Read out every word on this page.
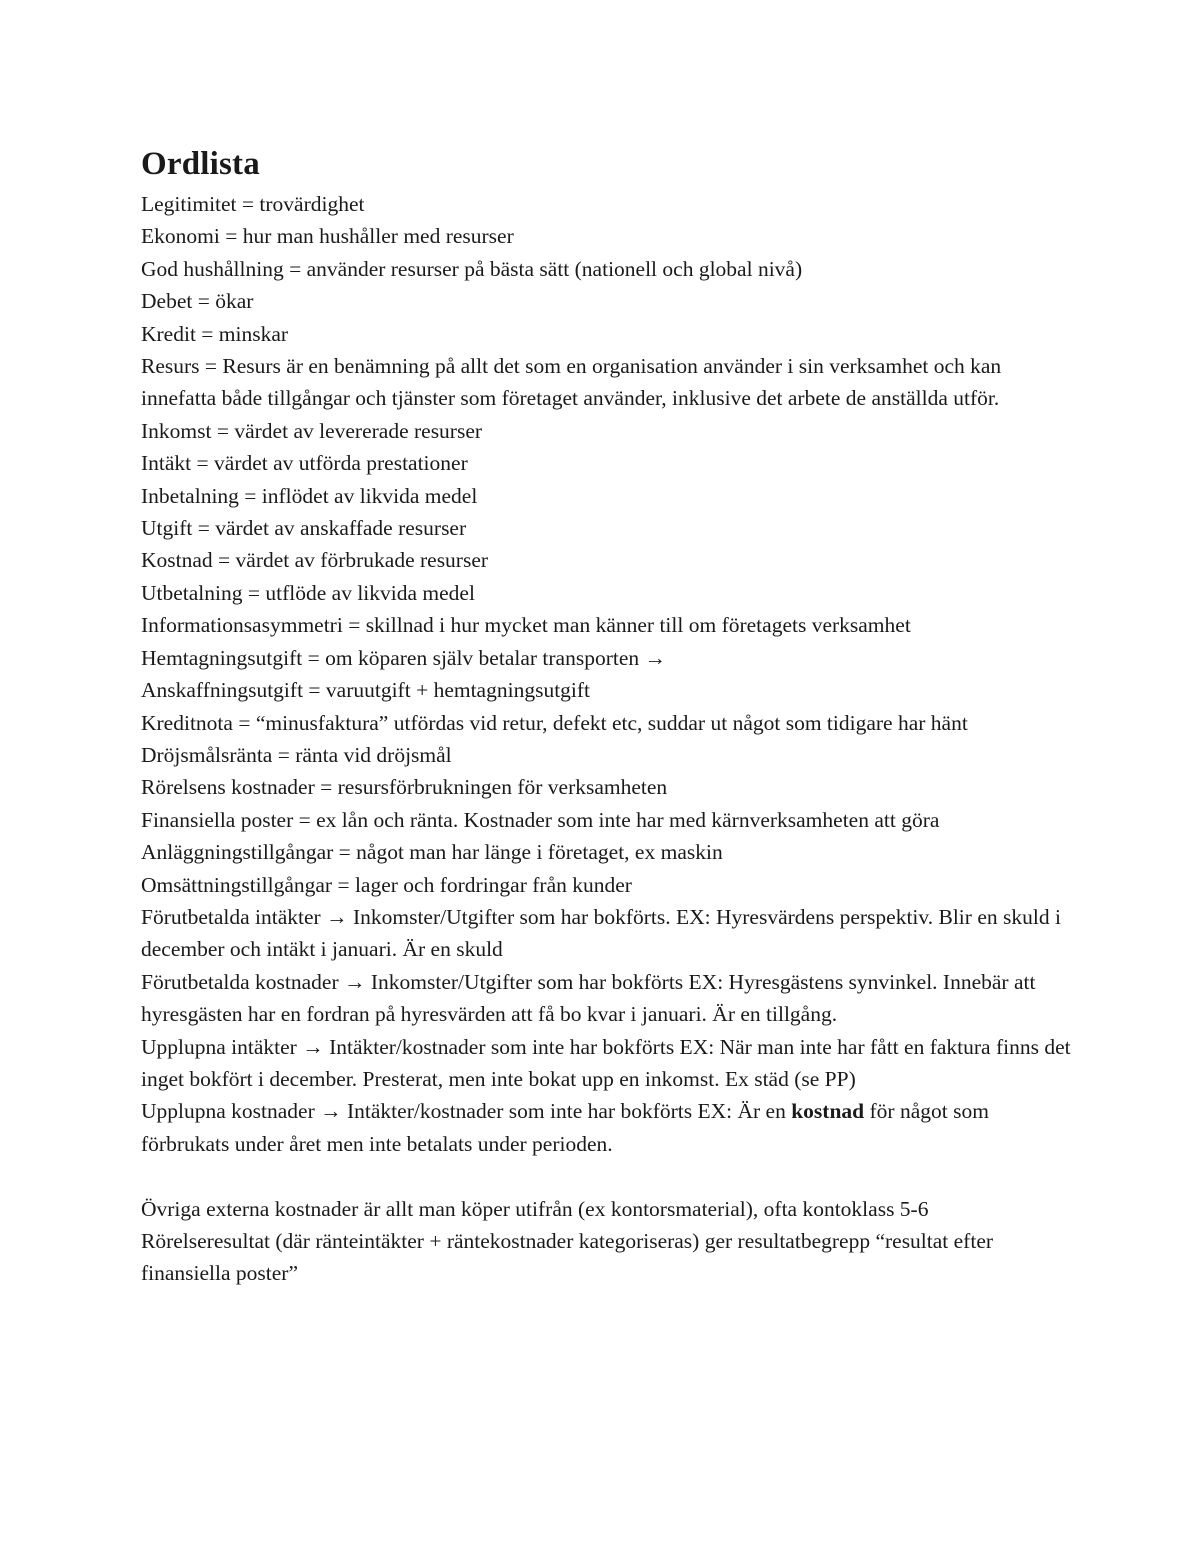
Ordlista

Legitimitet = trovärdighet

Ekonomi = hur man hushåller med resurser

God hushållning = använder resurser på bästa sätt (nationell och global nivå)

Debet = ökar

Kredit = minskar

Resurs = Resurs är en benämning på allt det som en organisation använder i sin verksamhet och kan innefatta både tillgångar och tjänster som företaget använder, inklusive det arbete de anställda utför.

Inkomst = värdet av levererade resurser

Intäkt = värdet av utförda prestationer

Inbetalning = inflödet av likvida medel

Utgift = värdet av anskaffade resurser

Kostnad = värdet av förbrukade resurser

Utbetalning = utflöde av likvida medel

Informationsasymmetri = skillnad i hur mycket man känner till om företagets verksamhet

Hemtagningsutgift = om köparen själv betalar transporten →

Anskaffningsutgift = varuutgift + hemtagningsutgift

Kreditnota = “minusfaktura” utfördas vid retur, defekt etc, suddar ut något som tidigare har hänt

Dröjsmålsränta = ränta vid dröjsmål

Rörelsens kostnader = resursförbrukningen för verksamheten

Finansiella poster = ex lån och ränta. Kostnader som inte har med kärnverksamheten att göra

Anläggningstillgångar = något man har länge i företaget, ex maskin

Omsättningstillgångar = lager och fordringar från kunder

Förutbetalda intäkter → Inkomster/Utgifter som har bokförts. EX: Hyresvärdens perspektiv. Blir en skuld i december och intäkt i januari. Är en skuld

Förutbetalda kostnader → Inkomster/Utgifter som har bokförts EX: Hyresgästens synvinkel. Innebär att hyresgästen har en fordran på hyresvärden att få bo kvar i januari. Är en tillgång.

Upplupna intäkter → Intäkter/kostnader som inte har bokförts EX: När man inte har fått en faktura finns det inget bokfört i december. Presterat, men inte bokat upp en inkomst. Ex städ (se PP)

Upplupna kostnader → Intäkter/kostnader som inte har bokförts EX: Är en kostnad för något som förbrukats under året men inte betalats under perioden.

Övriga externa kostnader är allt man köper utifrån (ex kontorsmaterial), ofta kontoklass 5-6

Rörelseresultat (där ränteintäkter + räntekostnader kategoriseras) ger resultatbegrepp “resultat efter finansiella poster”
